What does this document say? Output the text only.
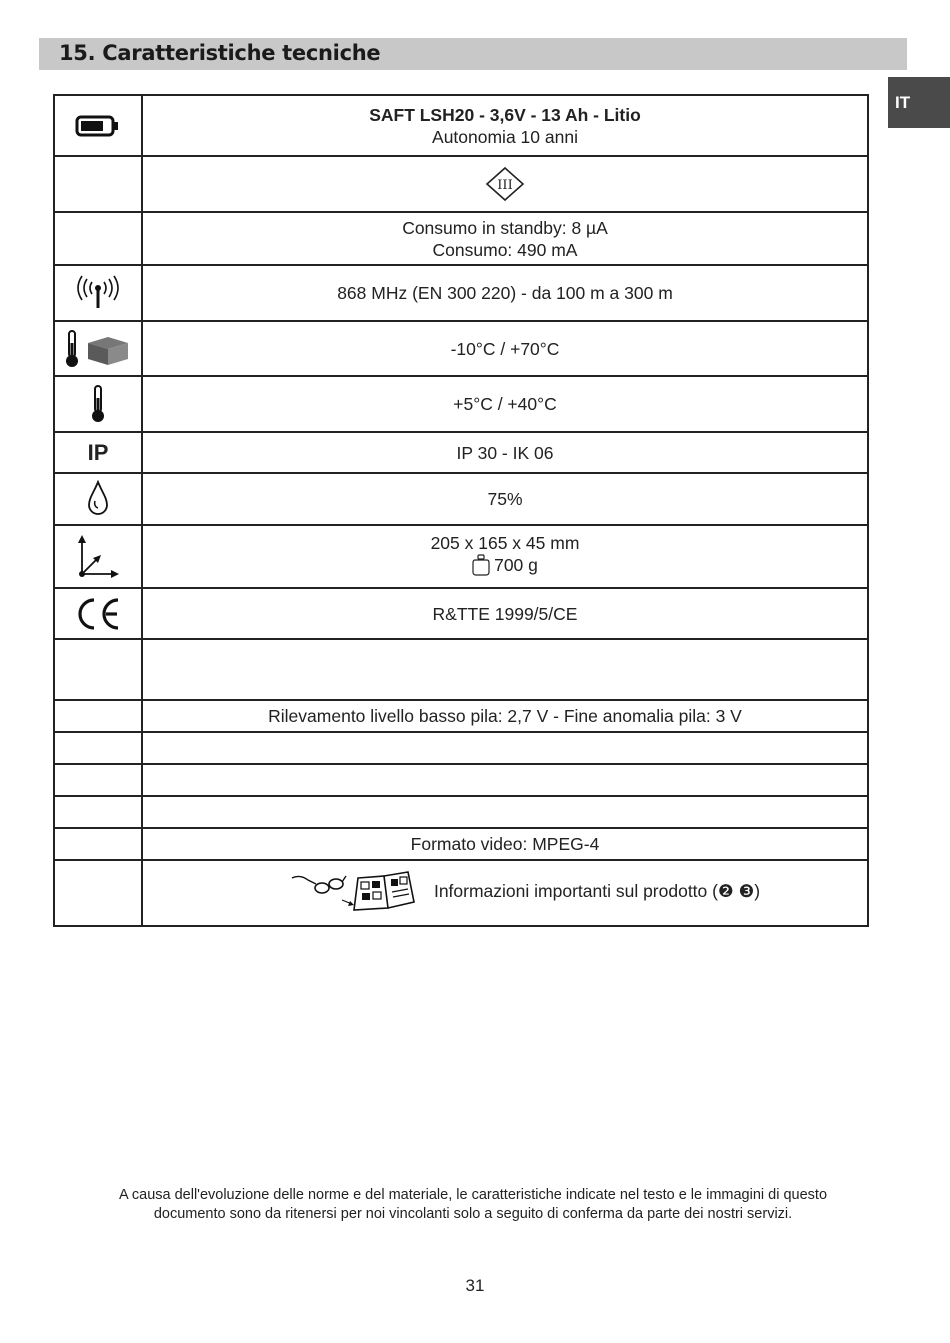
15. Caratteristiche tecniche
IT

SAFT LSH20 - 3,6V - 13 Ah - Litio
Autonomia 10 anni

III

	Consumo in standby: 8 µA
Consumo: 490 mA

868 MHz (EN 300 220) - da 100 m a 300 m

-10°C / +70°C

+5°C / +40°C

IP	IP 30 - IK 06

75%

205 x 165 x 45 mm
700 g

R&TTE 1999/5/CE

	Rilevamento livello basso pila: 2,7 V - Fine anomalia pila: 3 V

	Formato video: MPEG-4

	Informazioni importanti sul prodotto (❷ ❸)
A causa dell'evoluzione delle norme e del materiale, le caratteristiche indicate nel testo e le immagini di questo
documento sono da ritenersi per noi vincolanti solo a seguito di conferma da parte dei nostri servizi.
31
